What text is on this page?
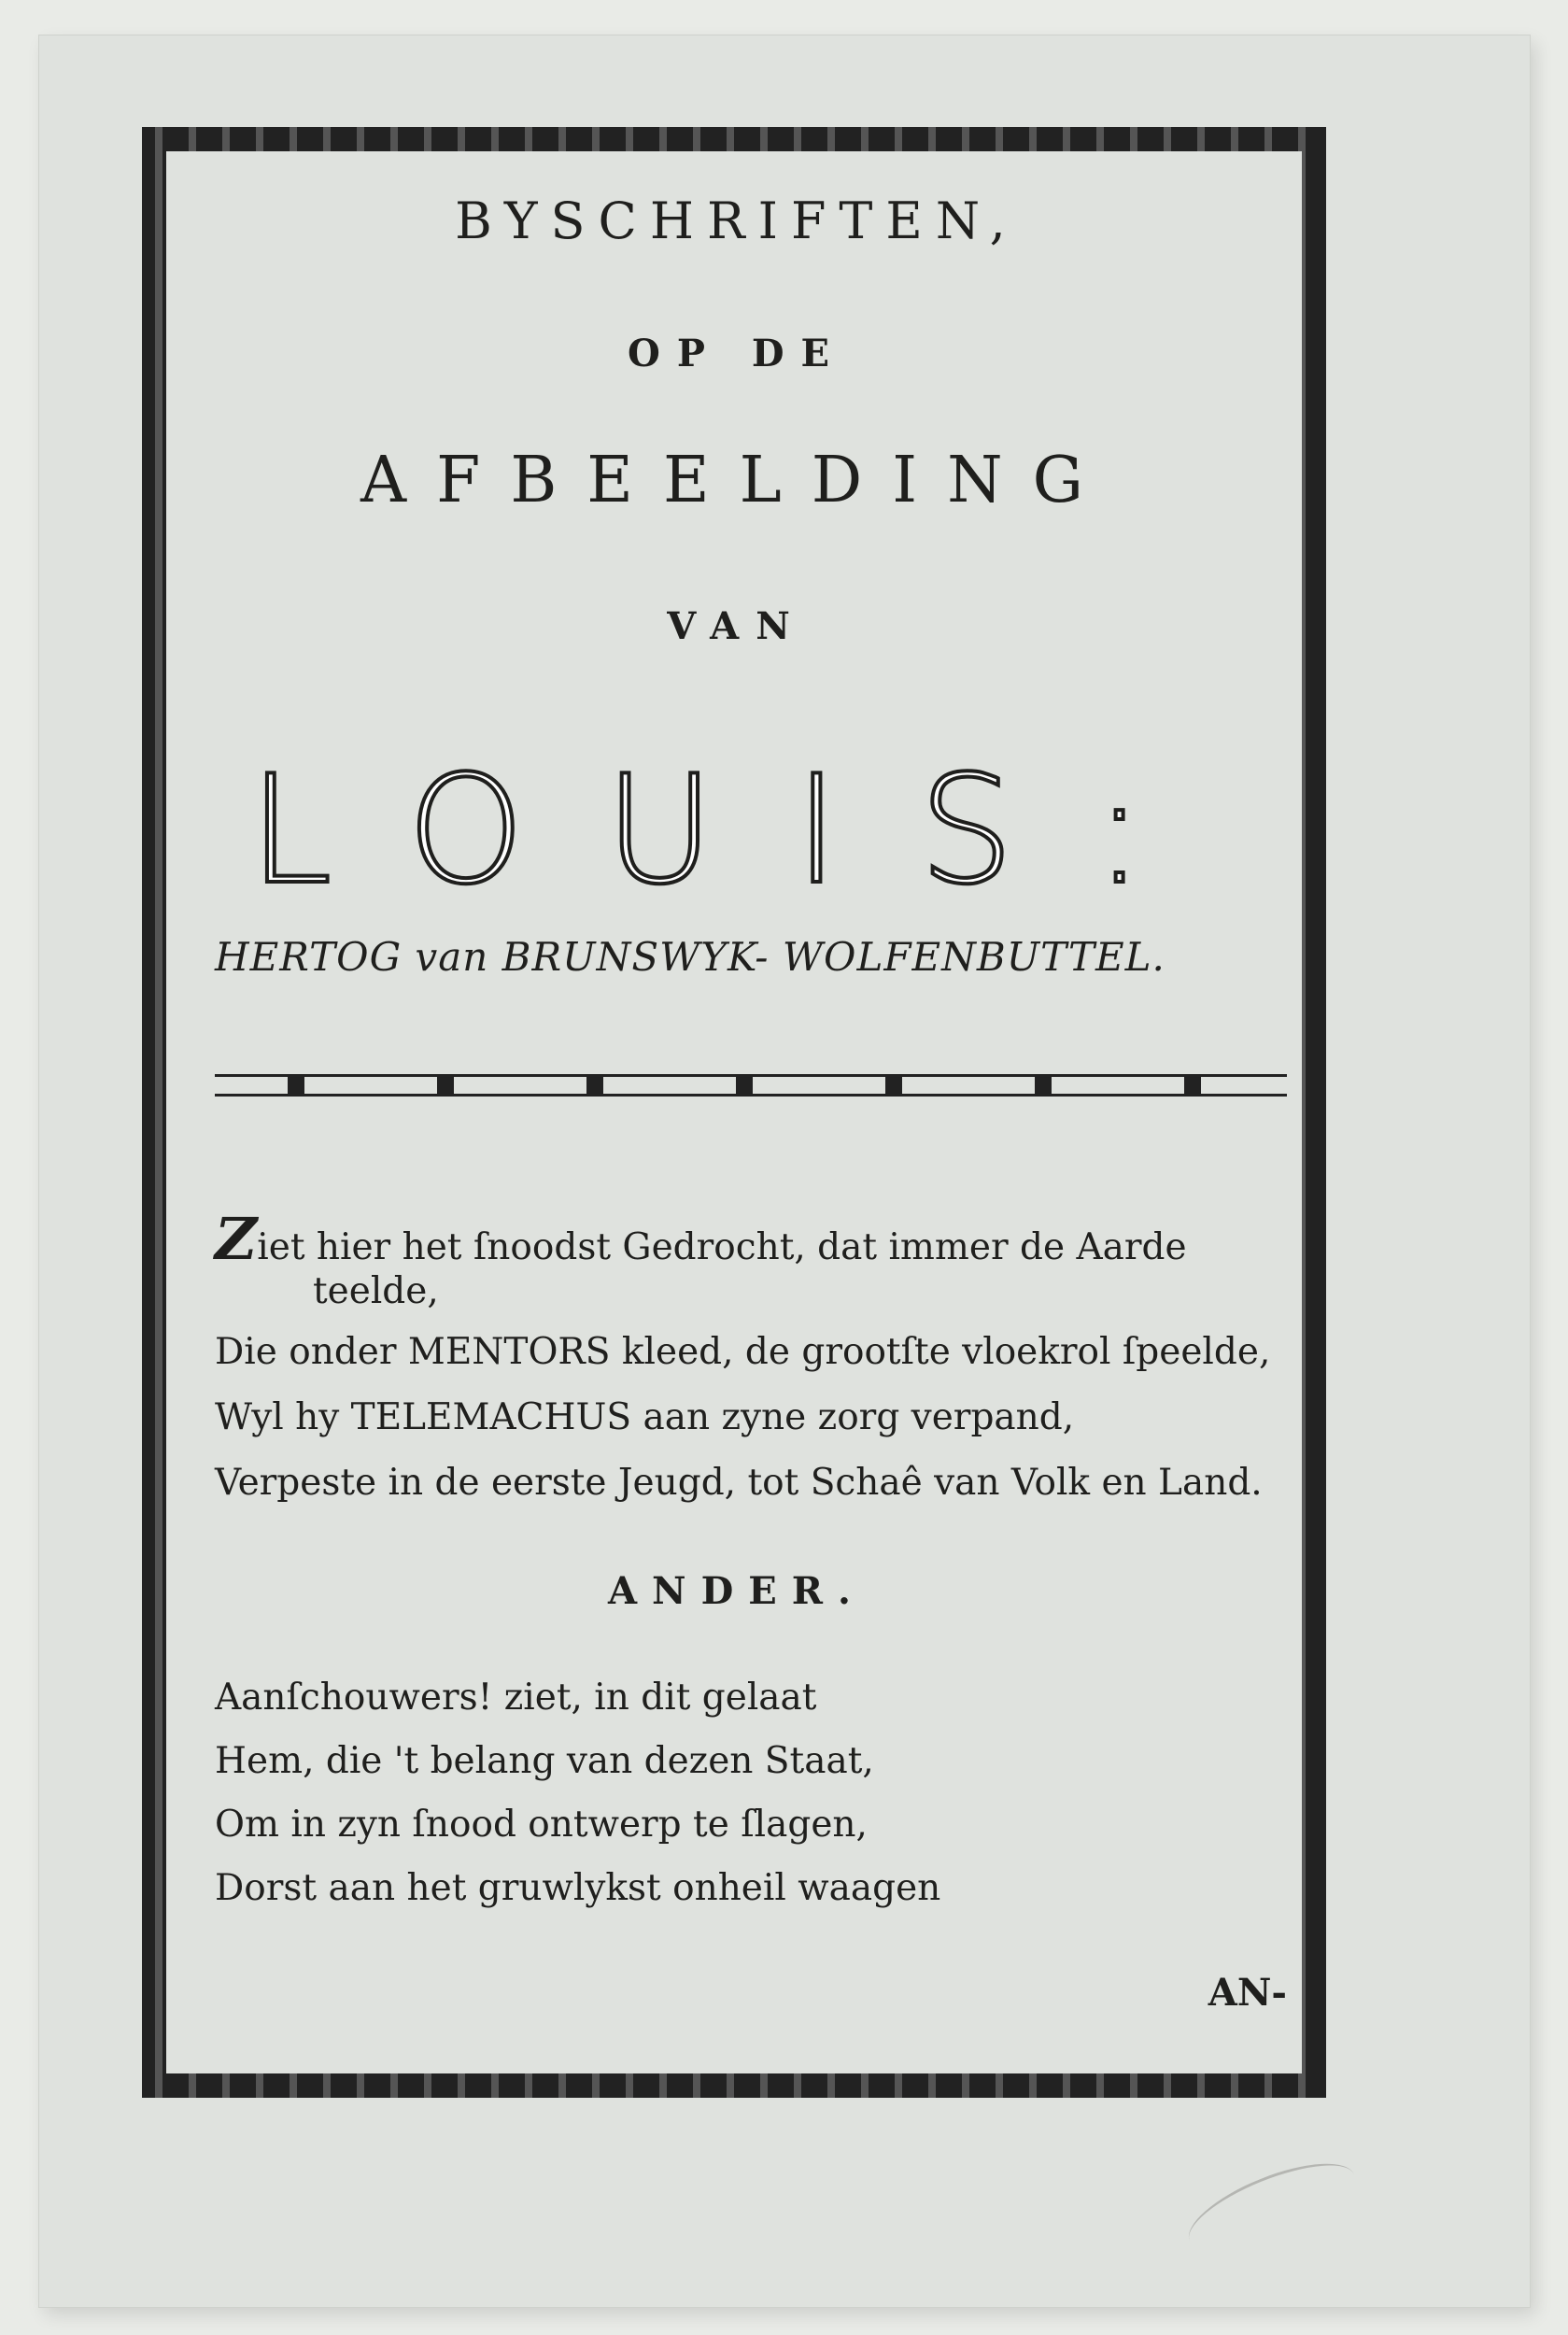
BYSCHRIFTEN,
OP DE
AFBEELDING
VAN
LOUIS:
HERTOG van BRUNSWYK- WOLFENBUTTEL.
Ziet hier het ſnoodst Gedrocht, dat immer de Aarde
teelde,
Die onder MENTORS kleed, de grootſte vloekrol ſpeelde,
Wyl hy TELEMACHUS aan zyne zorg verpand,
Verpeste in de eerste Jeugd, tot Schaê van Volk en Land.
ANDER.
Aanſchouwers! ziet, in dit gelaat
Hem, die 't belang van dezen Staat,
Om in zyn ſnood ontwerp te ſlagen,
Dorst aan het gruwlykst onheil waagen
AN-
